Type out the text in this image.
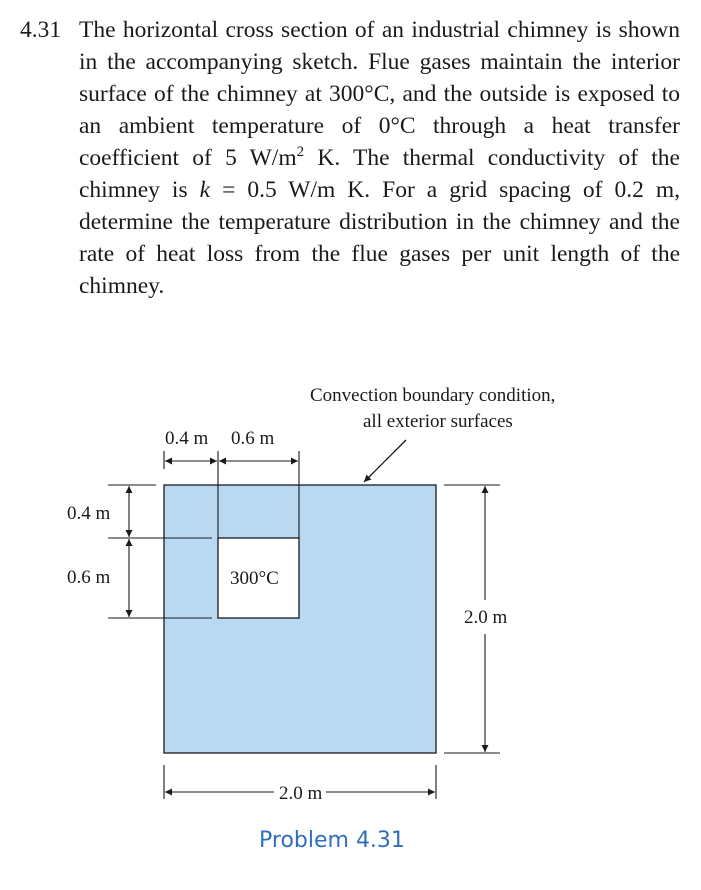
4.31 The horizontal cross section of an industrial chimney is shown in the accompanying sketch. Flue gases maintain the interior surface of the chimney at 300°C, and the outside is exposed to an ambient temperature of 0°C through a heat transfer coefficient of 5 $W/m^2$ K. The thermal conductivity of the chimney is k = 0.5 W/m K. For a grid spacing of 0.2 m, determine the temperature distribution in the chimney and the rate of heat loss from the flue gases per unit length of the chimney.
300°C
Convection boundary condition,
all exterior surfaces
0.4 m 0.6 m
0.4 m
0.6 m
2.0 m
2.0 m
Problem 4.31
